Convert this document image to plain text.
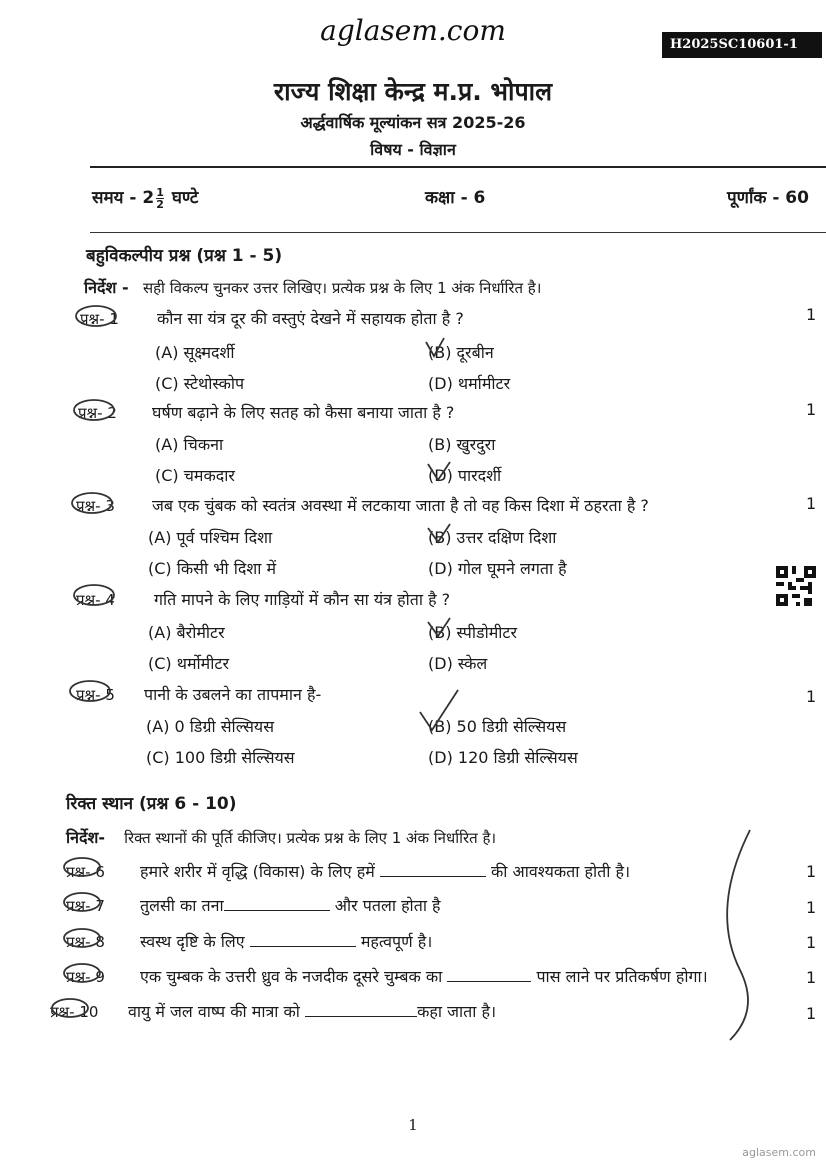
aglasem.com	H2025SC10601-1
राज्य शिक्षा केन्द्र म.प्र. भोपाल
अर्द्धवार्षिक मूल्यांकन सत्र 2025-26
विषय - विज्ञान
समय - $2 \frac{1}{2}$ घण्टे	कक्षा - 6	पूर्णांक - 60
बहुविकल्पीय प्रश्न (प्रश्न 1 - 5)
निर्देश - सही विकल्प चुनकर उत्तर लिखिए। प्रत्येक प्रश्न के लिए 1 अंक निर्धारित है।
प्रश्न- 1 कौन सा यंत्र दूर की वस्तुएं देखने में सहायक होता है ?	1
(A) सूक्ष्मदर्शी	(B) दूरबीन
(C) स्टेथोस्कोप	(D) थर्मामीटर
प्रश्न- 2 घर्षण बढ़ाने के लिए सतह को कैसा बनाया जाता है ?	1
(A) चिकना	(B) खुरदुरा
(C) चमकदार	(D) पारदर्शी
प्रश्न- 3 जब एक चुंबक को स्वतंत्र अवस्था में लटकाया जाता है तो वह किस दिशा में ठहरता है ?	1
(A) पूर्व पश्चिम दिशा	(B) उत्तर दक्षिण दिशा
(C) किसी भी दिशा में	(D) गोल घूमने लगता है
प्रश्न- 4 गति मापने के लिए गाड़ियों में कौन सा यंत्र होता है ?
(A) बैरोमीटर	(B) स्पीडोमीटर
(C) थर्मोमीटर	(D) स्केल
प्रश्न- 5 पानी के उबलने का तापमान है-	1
(A) 0 डिग्री सेल्सियस	(B) 50 डिग्री सेल्सियस
(C) 100 डिग्री सेल्सियस	(D) 120 डिग्री सेल्सियस
रिक्त स्थान (प्रश्न 6 - 10)
निर्देश- रिक्त स्थानों की पूर्ति कीजिए। प्रत्येक प्रश्न के लिए 1 अंक निर्धारित है।
प्रश्न- 6 हमारे शरीर में वृद्धि (विकास) के लिए हमें	की आवश्यकता होती है।	1
प्रश्न- 7 तुलसी का तना	और पतला होता है	1
प्रश्न- 8 स्वस्थ दृष्टि के लिए	महत्वपूर्ण है।	1
प्रश्न- 9 एक चुम्बक के उत्तरी ध्रुव के नजदीक दूसरे चुम्बक का	पास लाने पर प्रतिकर्षण होगा।	1
प्रश्न- 10 वायु में जल वाष्प की मात्रा को	कहा जाता है।	1
1
aglasem.com
